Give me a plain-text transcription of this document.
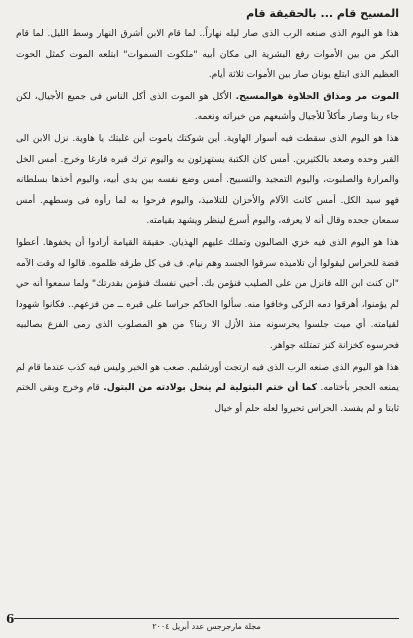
المسيح قام ... بالحقيقة قام

هذا هو اليوم الذى صنعه الرب الذى صار ليله نهاراً.. لما قام الابن أشرق النهار وسط الليل. لما قام البكر من بين الأموات رفع البشرية الى مكان أبيه "ملكوت السموات" ابتلعه الموت كمثل الحوت العظيم الذى ابتلع يونان صار بين الأموات ثلاثة أيام.

الموت مر ومذاق الحلاوة هوالمسيح. الأكل هو الموت الذى أكل الناس فى جميع الأجيال، لكن جاء ربنا وصار مأكلاً للأجيال وأشبعهم من خيراته ونعمه.

هذا هو اليوم الذى سقطت فيه أسوار الهاوية. أين شوكتك ياموت أين غلبتك يا هاوية. نزل الابن الى القبر وحده وصعد بالكثيرين. أمس كان الكتبة يستهزئون به واليوم ترك قبره فارغا وخرج. أمس الخل والمرارة والصلبوت، واليوم التمجيد والتسبيح. أمس وضع نفسه بين يدى أبيه، واليوم أخذها بسلطانه فهو سيد الكل. أمس كانت الآلام والأحزان للتلاميذ، واليوم فرحوا به لما رأوه فى وسطهم. أمس سمعان جحده وقال أنه لا يعرفه، واليوم أسرع لينظر ويشهد بقيامته.

هذا هو اليوم الذى فيه خزي الصالبون وتملك عليهم الهذيان. حقيقة القيامة أرادوا أن يخفوها. أعطوا فضة للحراس ليقولوا أن تلاميذه سرقوا الجسد وهم نيام. ف فى كل طرقه ظلموه. قالوا له وقت الآمه "ان كنت ابن الله فانزل من على الصليب فنؤمن بك. أحيي نفسك فنؤمن بقدرتك" ولما سمعوا أنه حي لم يؤمنوا، أهرقوا دمه الزكى وخافوا منه. سألوا الحاكم حراسا على قبره ــ من فزعهم.. فكانوا شهودا لقيامته. أي ميت جلسوا يحرسونه منذ الأزل الا ربنا؟ من هو المصلوب الذى رمى الفزع بصالبيه فحرسوه كخزانة كنز تمتلئه جواهر.

هذا هو اليوم الذى صنعه الرب الذى فيه ارتجت أورشليم. صعب هو الخبر وليس فيه كذب عندما قام لم يمنعه الحجر بأختامه. كما أن ختم البتولية لم ينحل بولادته من البتول. قام وخرج وبقى الختم ثابتا و لم يفسد. الحراس تحيروا لعله حلم أو خيال

6
مجلة مارجرجس عدد أبريل ٢٠٠٤
